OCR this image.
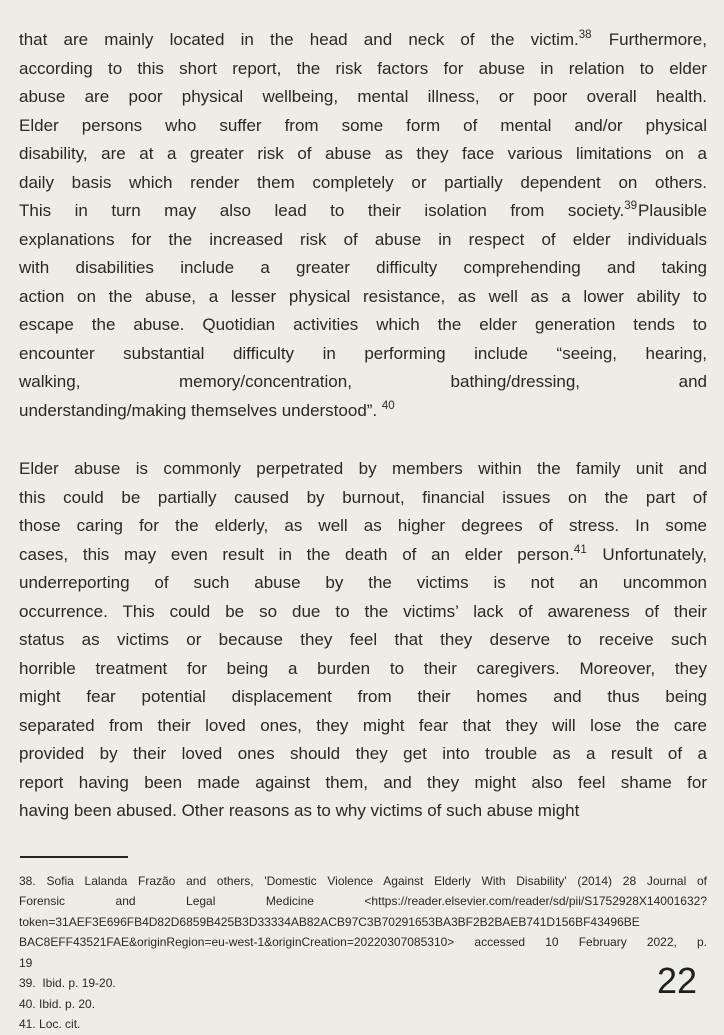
that are mainly located in the head and neck of the victim.$^{38}$ Furthermore,
according to this short report, the risk factors for abuse in relation to elder
abuse are poor physical wellbeing, mental illness, or poor overall health.
Elder persons who suffer from some form of mental and/or physical
disability, are at a greater risk of abuse as they face various limitations on a
daily basis which render them completely or partially dependent on others.
This in turn may also lead to their isolation from society.$^{39}$Plausible
explanations for the increased risk of abuse in respect of elder individuals
with disabilities include a greater difficulty comprehending and taking
action on the abuse, a lesser physical resistance, as well as a lower ability to
escape the abuse. Quotidian activities which the elder generation tends to
encounter substantial difficulty in performing include “seeing, hearing,
walking, memory/concentration, bathing/dressing, and
understanding/making themselves understood”. $^{40}$
Elder abuse is commonly perpetrated by members within the family unit and
this could be partially caused by burnout, financial issues on the part of
those caring for the elderly, as well as higher degrees of stress. In some
cases, this may even result in the death of an elder person.$^{41}$ Unfortunately,
underreporting of such abuse by the victims is not an uncommon
occurrence. This could be so due to the victims’ lack of awareness of their
status as victims or because they feel that they deserve to receive such
horrible treatment for being a burden to their caregivers. Moreover, they
might fear potential displacement from their homes and thus being
separated from their loved ones, they might fear that they will lose the care
provided by their loved ones should they get into trouble as a result of a
report having been made against them, and they might also feel shame for
having been abused. Other reasons as to why victims of such abuse might
38. Sofia Lalanda Frazão and others, 'Domestic Violence Against Elderly With Disability' (2014) 28 Journal of
Forensic and Legal Medicine <https://reader.elsevier.com/reader/sd/pii/S1752928X14001632?
token=31AEF3E696FB4D82D6859B425B3D33334AB82ACB97C3B70291653BA3BF2B2BAEB741D156BF43496BE
BAC8EFF43521FAE&originRegion=eu-west-1&originCreation=20220307085310> accessed 10 February 2022, p.
19
39.  Ibid. p. 19-20.
40. Ibid. p. 20.
41. Loc. cit.
22
